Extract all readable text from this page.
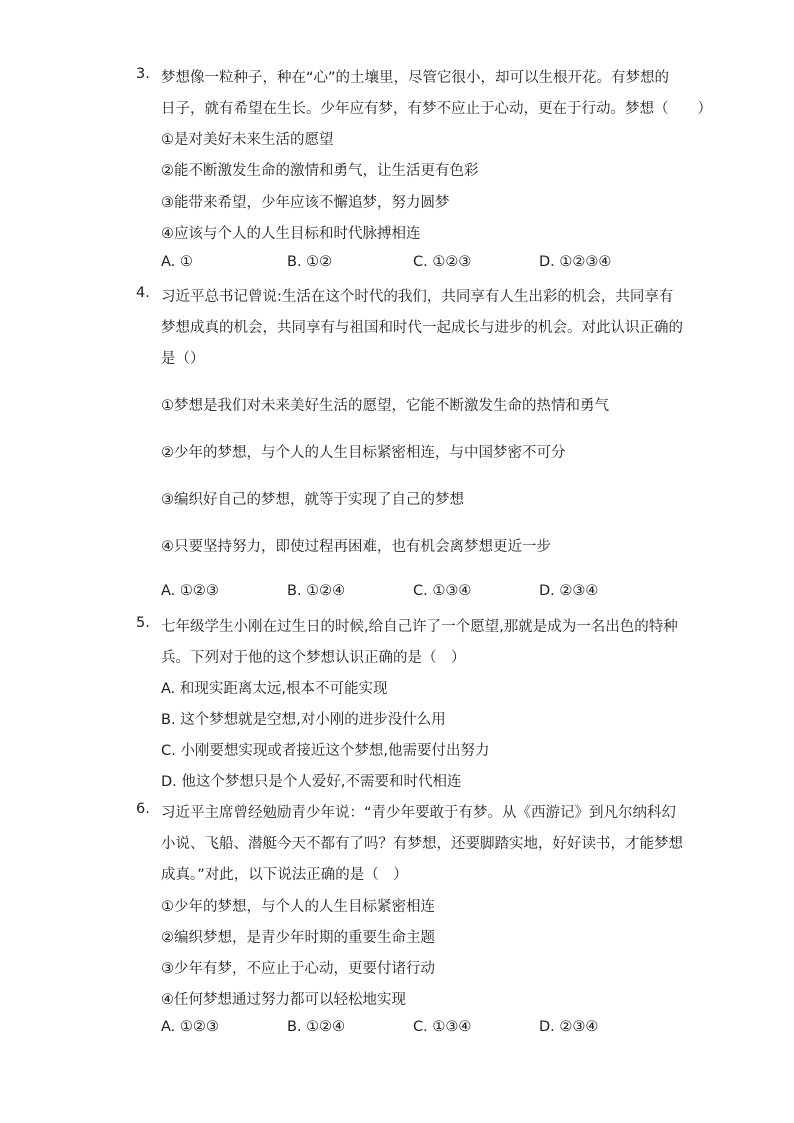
3. 梦想像一粒种子，种在“心”的土壤里，尽管它很小，却可以生根开花。有梦想的
日子，就有希望在生长。少年应有梦，有梦不应止于心动，更在于行动。梦想（　　）
①是对美好未来生活的愿望
②能不断激发生命的激情和勇气，让生活更有色彩
③能带来希望，少年应该不懈追梦，努力圆梦
④应该与个人的人生目标和时代脉搏相连
A. ①	B. ①②	C. ①②③	D. ①②③④
4. 习近平总书记曾说:生活在这个时代的我们，共同享有人生出彩的机会，共同享有
梦想成真的机会，共同享有与祖国和时代一起成长与进步的机会。对此认识正确的
是（）
①梦想是我们对未来美好生活的愿望，它能不断激发生命的热情和勇气
②少年的梦想，与个人的人生目标紧密相连，与中国梦密不可分
③编织好自己的梦想，就等于实现了自己的梦想
④只要坚持努力，即使过程再困难，也有机会离梦想更近一步
A. ①②③	B. ①②④	C. ①③④	D. ②③④
5. 七年级学生小刚在过生日的时候,给自己许了一个愿望,那就是成为一名出色的特种
兵。下列对于他的这个梦想认识正确的是（　）
A. 和现实距离太远,根本不可能实现
B. 这个梦想就是空想,对小刚的进步没什么用
C. 小刚要想实现或者接近这个梦想,他需要付出努力
D. 他这个梦想只是个人爱好,不需要和时代相连
6. 习近平主席曾经勉励青少年说：“青少年要敢于有梦。从《西游记》到凡尔纳科幻
小说、飞船、潜艇今天不都有了吗？有梦想，还要脚踏实地，好好读书，才能梦想
成真。”对此，以下说法正确的是（　）
①少年的梦想，与个人的人生目标紧密相连
②编织梦想，是青少年时期的重要生命主题
③少年有梦，不应止于心动，更要付诸行动
④任何梦想通过努力都可以轻松地实现
A. ①②③	B. ①②④	C. ①③④	D. ②③④
